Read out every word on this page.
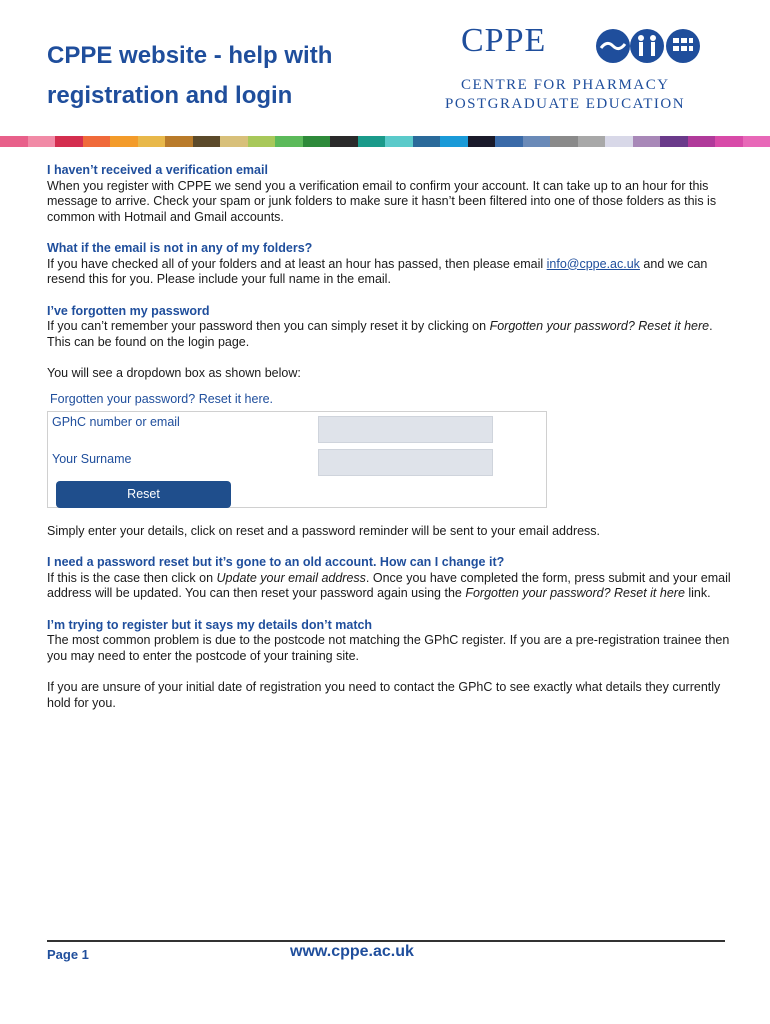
CPPE website - help with
registration and login
CPPE
CENTRE FOR PHARMACY
POSTGRADUATE EDUCATION

I haven’t received a verification email

When you register with CPPE we send you a verification email to confirm your account. It can take up to an hour for this message to arrive. Check your spam or junk folders to make sure it hasn’t been filtered into one of those folders as this is common with Hotmail and Gmail accounts.

What if the email is not in any of my folders?

If you have checked all of your folders and at least an hour has passed, then please email info@cppe.ac.uk and we can resend this for you. Please include your full name in the email.

I’ve forgotten my password

If you can’t remember your password then you can simply reset it by clicking on Forgotten your password? Reset it here. This can be found on the login page.

You will see a dropdown box as shown below:

Forgotten your password? Reset it here.
GPhC number or email
Your Surname
Reset

Simply enter your details, click on reset and a password reminder will be sent to your email address.

I need a password reset but it’s gone to an old account. How can I change it?

If this is the case then click on Update your email address. Once you have completed the form, press submit and your email address will be updated. You can then reset your password again using the Forgotten your password? Reset it here link.

I’m trying to register but it says my details don’t match

The most common problem is due to the postcode not matching the GPhC register. If you are a pre-registration trainee then you may need to enter the postcode of your training site.

If you are unsure of your initial date of registration you need to contact the GPhC to see exactly what details they currently hold for you.

Page 1	www.cppe.ac.uk
